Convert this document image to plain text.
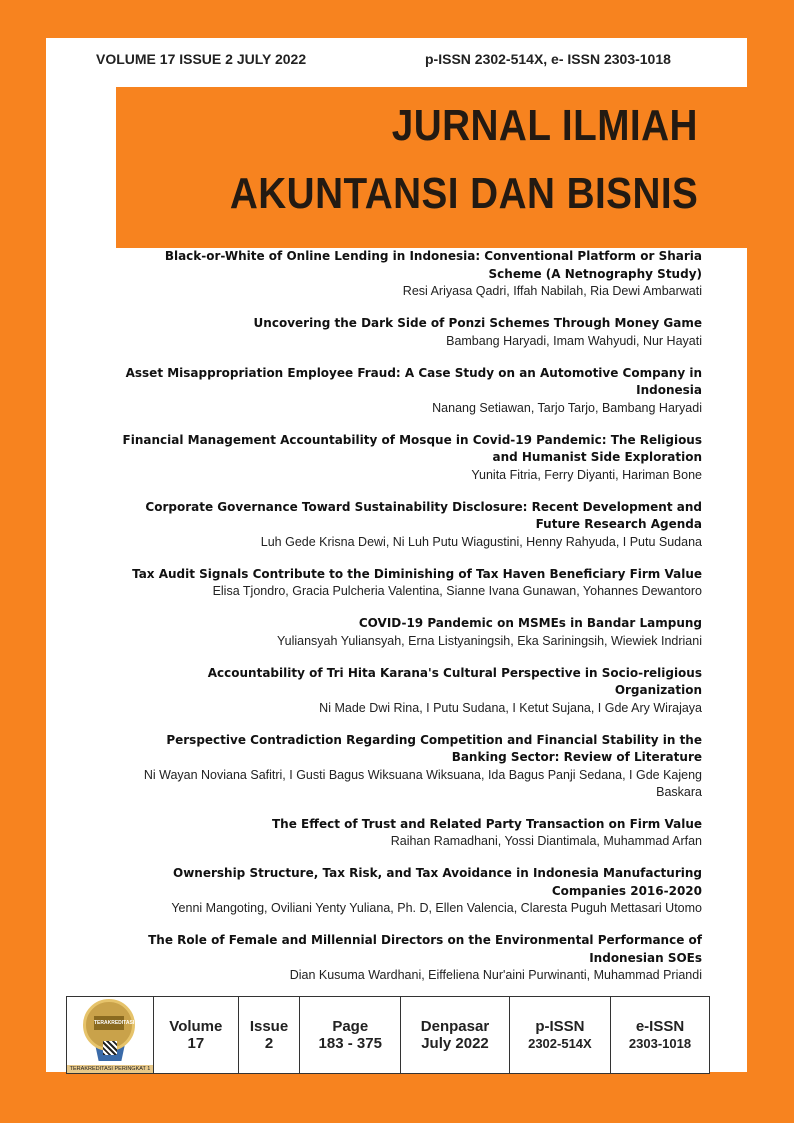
VOLUME 17 ISSUE 2 JULY 2022	p-ISSN 2302-514X, e- ISSN 2303-1018
JURNAL ILMIAH
AKUNTANSI DAN BISNIS
Black-or-White of Online Lending in Indonesia: Conventional Platform or Sharia Scheme (A Netnography Study)
Resi Ariyasa Qadri, Iffah Nabilah, Ria Dewi Ambarwati
Uncovering the Dark Side of Ponzi Schemes Through Money Game
Bambang Haryadi, Imam Wahyudi, Nur Hayati
Asset Misappropriation Employee Fraud: A Case Study on an Automotive Company in Indonesia
Nanang Setiawan, Tarjo Tarjo, Bambang Haryadi
Financial Management Accountability of Mosque in Covid-19 Pandemic: The Religious and Humanist Side Exploration
Yunita Fitria, Ferry Diyanti, Hariman Bone
Corporate Governance Toward Sustainability Disclosure: Recent Development and Future Research Agenda
Luh Gede Krisna Dewi, Ni Luh Putu Wiagustini, Henny Rahyuda, I Putu Sudana
Tax Audit Signals Contribute to the Diminishing of Tax Haven Beneficiary Firm Value
Elisa Tjondro, Gracia Pulcheria Valentina, Sianne Ivana Gunawan, Yohannes Dewantoro
COVID-19 Pandemic on MSMEs in Bandar Lampung
Yuliansyah Yuliansyah, Erna Listyaningsih, Eka Sariningsih, Wiewiek Indriani
Accountability of Tri Hita Karana's Cultural Perspective in Socio-religious Organization
Ni Made Dwi Rina, I Putu Sudana, I Ketut Sujana, I Gde Ary Wirajaya
Perspective Contradiction Regarding Competition and Financial Stability in the Banking Sector: Review of Literature
Ni Wayan Noviana Safitri, I Gusti Bagus Wiksuana Wiksuana, Ida Bagus Panji Sedana, I Gde Kajeng Baskara
The Effect of Trust and Related Party Transaction on Firm Value
Raihan Ramadhani, Yossi Diantimala, Muhammad Arfan
Ownership Structure, Tax Risk, and Tax Avoidance in Indonesia Manufacturing Companies 2016-2020
Yenni Mangoting, Oviliani Yenty Yuliana, Ph. D, Ellen Valencia, Claresta Puguh Mettasari Utomo
The Role of Female and Millennial Directors on the Environmental Performance of Indonesian SOEs
Dian Kusuma Wardhani, Eiffeliena Nur'aini Purwinanti, Muhammad Priandi
TERAKREDITASI
TERAKREDITASI PERINGKAT 1

Volume
17

Issue
2

Page
183 - 375

Denpasar
July 2022

p-ISSN
2302-514X

e-ISSN
2303-1018
